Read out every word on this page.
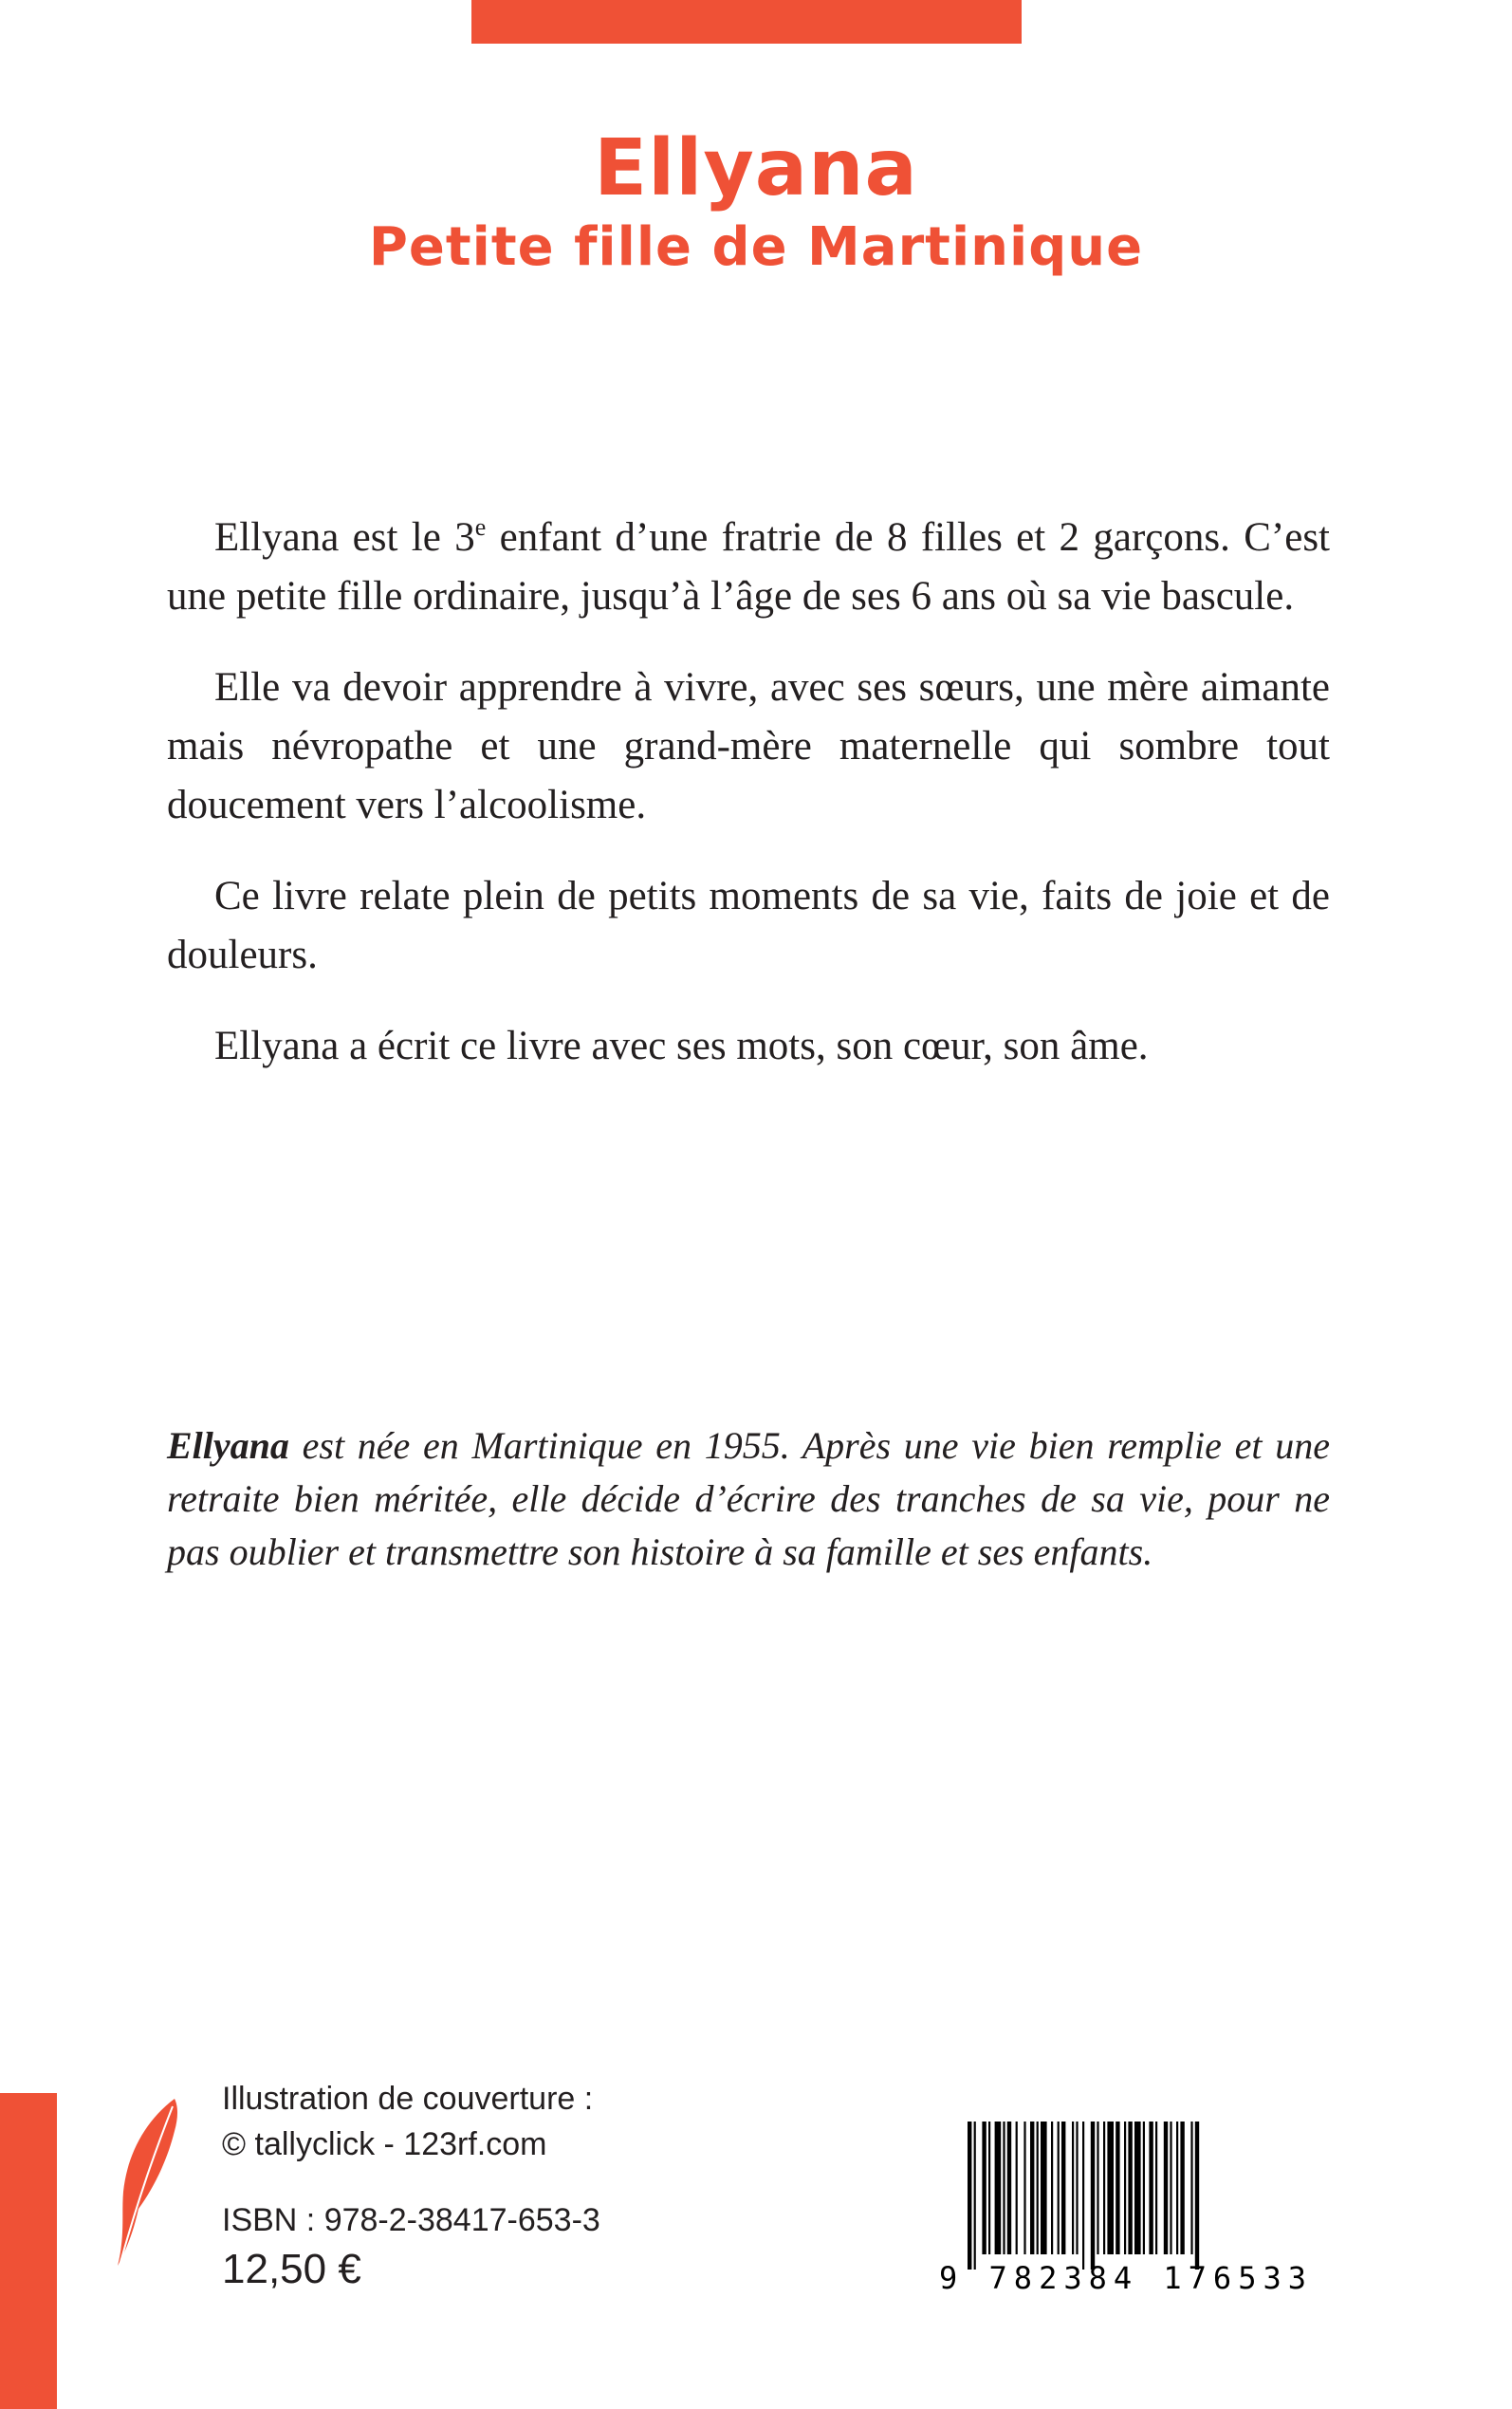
Ellyana
Petite fille de Martinique

Ellyana est le 3e enfant d’une fratrie de 8 filles et 2 garçons. C’est une petite fille ordinaire, jusqu’à l’âge de ses 6 ans où sa vie bascule.

Elle va devoir apprendre à vivre, avec ses sœurs, une mère aimante mais névropathe et une grand-mère maternelle qui sombre tout doucement vers l’alcoolisme.

Ce livre relate plein de petits moments de sa vie, faits de joie et de douleurs.

Ellyana a écrit ce livre avec ses mots, son cœur, son âme.

Ellyana est née en Martinique en 1955. Après une vie bien remplie et une retraite bien méritée, elle décide d’écrire des tranches de sa vie, pour ne pas oublier et transmettre son histoire à sa famille et ses enfants.

Illustration de couverture :
© tallyclick - 123rf.com
ISBN : 978-2-38417-653-3
12,50 €	9 782384 176533
